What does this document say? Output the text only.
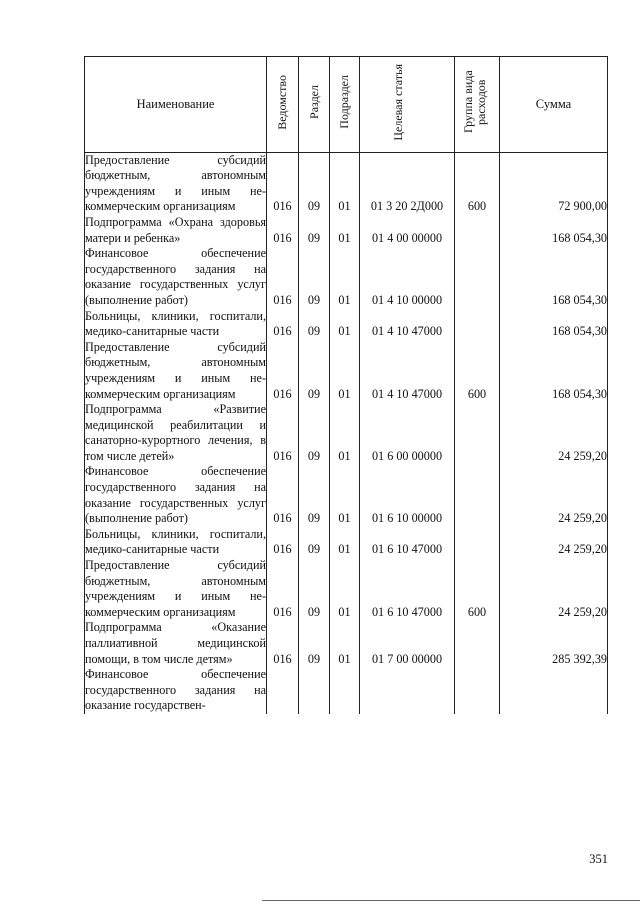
Наименование	Ведомство	Раздел	Подраздел	Целевая статья	Группа вида расходов	Сумма
Предоставление субсидий бюджетным, автономным учреждениям и иным некоммерческим организациям	016	09	01	01 3 20 2Д000	600	72 900,00
Подпрограмма «Охрана здоровья матери и ребенка»	016	09	01	01 4 00 00000		168 054,30
Финансовое обеспечение государственного задания на оказание государственных услуг (выполнение работ)	016	09	01	01 4 10 00000		168 054,30
Больницы, клиники, госпитали, медико-санитарные части	016	09	01	01 4 10 47000		168 054,30
Предоставление субсидий бюджетным, автономным учреждениям и иным некоммерческим организациям	016	09	01	01 4 10 47000	600	168 054,30
Подпрограмма «Развитие медицинской реабилитации и санаторно-курортного лечения, в том числе детей»	016	09	01	01 6 00 00000		24 259,20
Финансовое обеспечение государственного задания на оказание государственных услуг (выполнение работ)	016	09	01	01 6 10 00000		24 259,20
Больницы, клиники, госпитали, медико-санитарные части	016	09	01	01 6 10 47000		24 259,20
Предоставление субсидий бюджетным, автономным учреждениям и иным некоммерческим организациям	016	09	01	01 6 10 47000	600	24 259,20
Подпрограмма «Оказание паллиативной медицинской помощи, в том числе детям»	016	09	01	01 7 00 00000		285 392,39
Финансовое обеспечение государственного задания на оказание государствен-						
351
